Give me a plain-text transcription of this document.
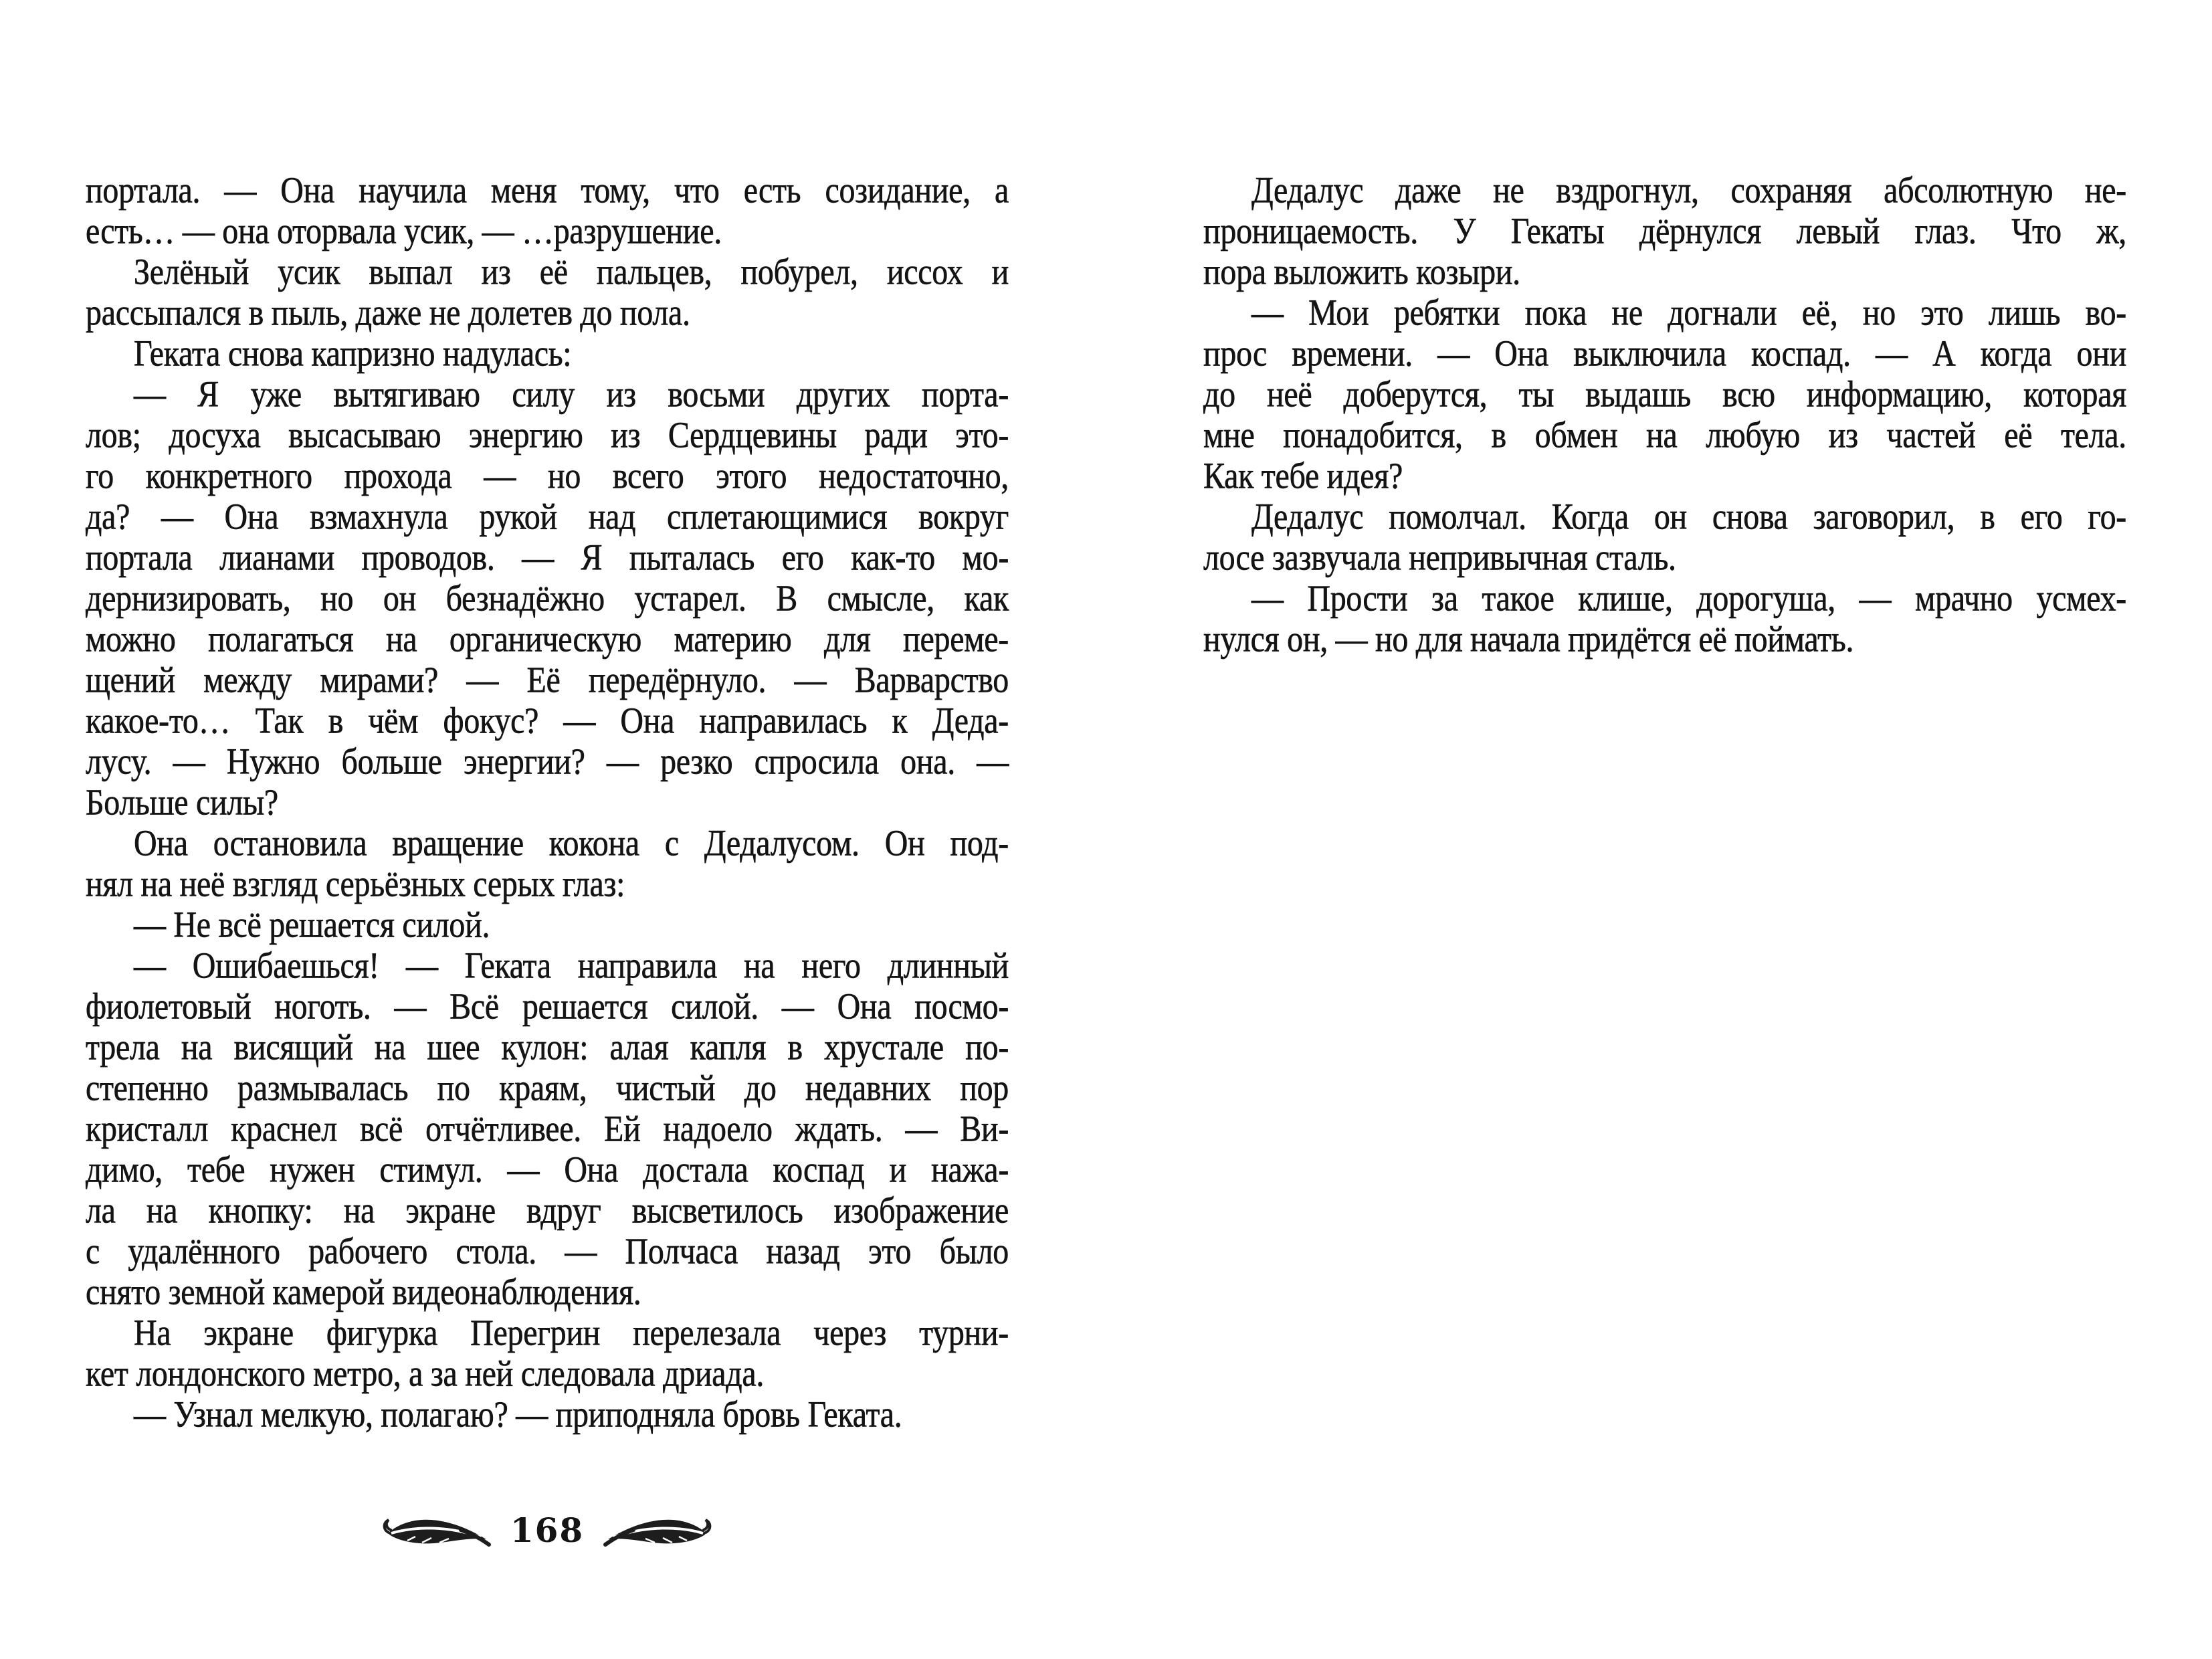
портала. — Она научила меня тому, что есть созидание, а
есть… — она оторвала усик, — …разрушение.
Зелёный усик выпал из её пальцев, побурел, иссох и
рассыпался в пыль, даже не долетев до пола.
Геката снова капризно надулась:
— Я уже вытягиваю силу из восьми других порта-
лов; досуха высасываю энергию из Сердцевины ради это-
го конкретного прохода — но всего этого недостаточно,
да? — Она взмахнула рукой над сплетающимися вокруг
портала лианами проводов. — Я пыталась его как-то мо-
дернизировать, но он безнадёжно устарел. В смысле, как
можно полагаться на органическую материю для переме-
щений между мирами? — Её передёрнуло. — Варварство
какое-то… Так в чём фокус? — Она направилась к Деда-
лусу. — Нужно больше энергии? — резко спросила она. —
Больше силы?
Она остановила вращение кокона с Дедалусом. Он под-
нял на неё взгляд серьёзных серых глаз:
— Не всё решается силой.
— Ошибаешься! — Геката направила на него длинный
фиолетовый ноготь. — Всё решается силой. — Она посмо-
трела на висящий на шее кулон: алая капля в хрустале по-
степенно размывалась по краям, чистый до недавних пор
кристалл краснел всё отчётливее. Ей надоело ждать. — Ви-
димо, тебе нужен стимул. — Она достала коспад и нажа-
ла на кнопку: на экране вдруг высветилось изображение
с удалённого рабочего стола. — Полчаса назад это было
снято земной камерой видеонаблюдения.
На экране фигурка Перегрин перелезала через турни-
кет лондонского метро, а за ней следовала дриада.
— Узнал мелкую, полагаю? — приподняла бровь Геката.
Дедалус даже не вздрогнул, сохраняя абсолютную не-
проницаемость. У Гекаты дёрнулся левый глаз. Что ж,
пора выложить козыри.
— Мои ребятки пока не догнали её, но это лишь во-
прос времени. — Она выключила коспад. — А когда они
до неё доберутся, ты выдашь всю информацию, которая
мне понадобится, в обмен на любую из частей её тела.
Как тебе идея?
Дедалус помолчал. Когда он снова заговорил, в его го-
лосе зазвучала непривычная сталь.
— Прости за такое клише, дорогуша, — мрачно усмех-
нулся он, — но для начала придётся её поймать.
168
